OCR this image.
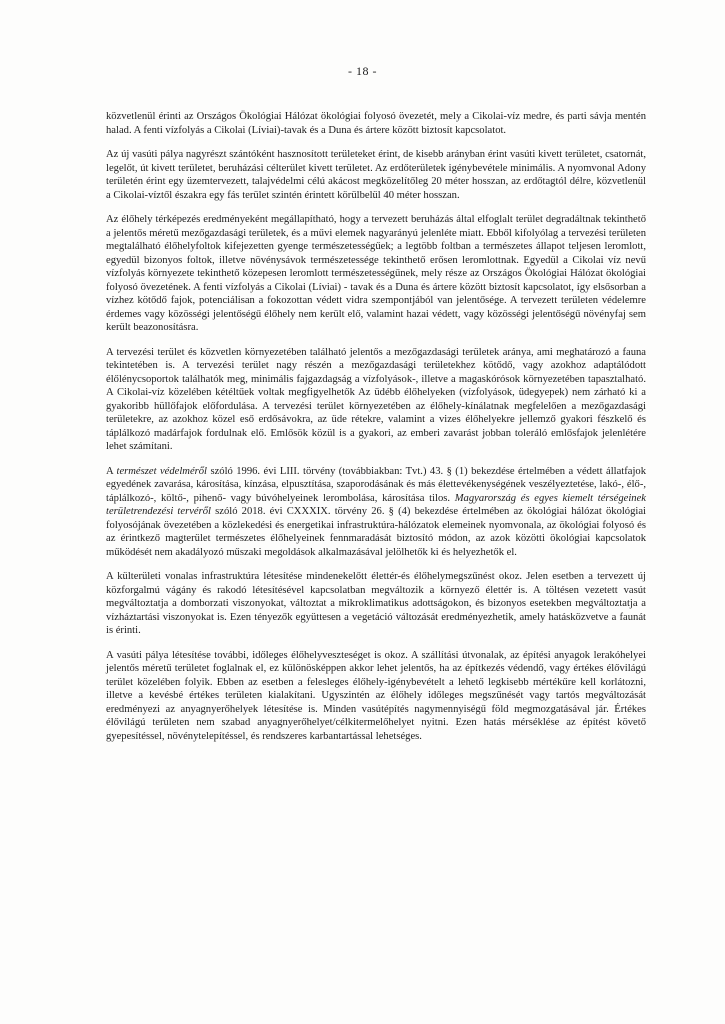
- 18 -

közvetlenül érinti az Országos Ökológiai Hálózat ökológiai folyosó övezetét, mely a Cikolai-víz medre, és parti sávja mentén halad. A fenti vízfolyás a Cikolai (Líviai)-tavak és a Duna és ártere között biztosít kapcsolatot.

Az új vasúti pálya nagyrészt szántóként hasznosított területeket érint, de kisebb arányban érint vasúti kivett területet, csatornát, legelőt, út kivett területet, beruházási célterület kivett területet. Az erdőterületek igénybevétele minimális. A nyomvonal Adony területén érint egy üzemtervezett, talajvédelmi célú akácost megközelítőleg 20 méter hosszan, az erdőtagtól délre, közvetlenül a Cikolai-víztől északra egy fás terület szintén érintett körülbelül 40 méter hosszan.

Az élőhely térképezés eredményeként megállapítható, hogy a tervezett beruházás által elfoglalt terület degradáltnak tekinthető a jelentős méretű mezőgazdasági területek, és a művi elemek nagyarányú jelenléte miatt. Ebből kifolyólag a tervezési területen megtalálható élőhelyfoltok kifejezetten gyenge természetességűek; a legtöbb foltban a természetes állapot teljesen leromlott, egyedül bizonyos foltok, illetve növénysávok természetessége tekinthető erősen leromlottnak. Egyedül a Cikolai víz nevű vízfolyás környezete tekinthető közepesen leromlott természetességűnek, mely része az Országos Ökológiai Hálózat ökológiai folyosó övezetének. A fenti vízfolyás a Cikolai (Líviai) - tavak és a Duna és ártere között biztosít kapcsolatot, így elsősorban a vízhez kötődő fajok, potenciálisan a fokozottan védett vidra szempontjából van jelentősége. A tervezett területen védelemre érdemes vagy közösségi jelentőségű élőhely nem került elő, valamint hazai védett, vagy közösségi jelentőségű növényfaj sem került beazonosításra.

A tervezési terület és közvetlen környezetében található jelentős a mezőgazdasági területek aránya, ami meghatározó a fauna tekintetében is. A tervezési terület nagy részén a mezőgazdasági területekhez kötődő, vagy azokhoz adaptálódott élőlénycsoportok találhatók meg, minimális fajgazdagság a vízfolyások-, illetve a magaskórósok környezetében tapasztalható. A Cikolai-víz közelében kétéltűek voltak megfigyelhetők Az üdébb élőhelyeken (vízfolyások, üdegyepek) nem zárható ki a gyakoribb hüllőfajok előfordulása. A tervezési terület környezetében az élőhely-kínálatnak megfelelően a mezőgazdasági területekre, az azokhoz közel eső erdősávokra, az üde rétekre, valamint a vizes élőhelyekre jellemző gyakori fészkelő és táplálkozó madárfajok fordulnak elő. Emlősök közül is a gyakori, az emberi zavarást jobban toleráló emlősfajok jelenlétére lehet számítani.

A természet védelméről szóló 1996. évi LIII. törvény (továbbiakban: Tvt.) 43. § (1) bekezdése értelmében a védett állatfajok egyedének zavarása, károsítása, kínzása, elpusztítása, szaporodásának és más élettevékenységének veszélyeztetése, lakó-, élő-, táplálkozó-, költő-, pihenő- vagy búvóhelyeinek lerombolása, károsítása tilos. Magyarország és egyes kiemelt térségeinek területrendezési tervéről szóló 2018. évi CXXXIX. törvény 26. § (4) bekezdése értelmében az ökológiai hálózat ökológiai folyosójának övezetében a közlekedési és energetikai infrastruktúra-hálózatok elemeinek nyomvonala, az ökológiai folyosó és az érintkező magterület természetes élőhelyeinek fennmaradását biztosító módon, az azok közötti ökológiai kapcsolatok működését nem akadályozó műszaki megoldások alkalmazásával jelölhetők ki és helyezhetők el.

A külterületi vonalas infrastruktúra létesítése mindenekelőtt élettér-és élőhelymegszűnést okoz. Jelen esetben a tervezett új közforgalmú vágány és rakodó létesítésével kapcsolatban megváltozik a környező élettér is. A töltésen vezetett vasút megváltoztatja a domborzati viszonyokat, változtat a mikroklimatikus adottságokon, és bizonyos esetekben megváltoztatja a vízháztartási viszonyokat is. Ezen tényezők együttesen a vegetáció változását eredményezhetik, amely hatásközvetve a faunát is érinti.

A vasúti pálya létesítése további, időleges élőhelyveszteséget is okoz. A szállítási útvonalak, az építési anyagok lerakóhelyei jelentős méretű területet foglalnak el, ez különösképpen akkor lehet jelentős, ha az építkezés védendő, vagy értékes élővilágú terület közelében folyik. Ebben az esetben a felesleges élőhely-igénybevételt a lehető legkisebb mértékűre kell korlátozni, illetve a kevésbé értékes területen kialakítani. Ugyszintén az élőhely időleges megszűnését vagy tartós megváltozását eredményezi az anyagnyerőhelyek létesítése is. Minden vasútépítés nagymennyiségű föld megmozgatásával jár. Értékes élővilágú területen nem szabad anyagnyerőhelyet/célkitermelőhelyet nyitni. Ezen hatás mérséklése az építést követő gyepesítéssel, növénytelepítéssel, és rendszeres karbantartással lehetséges.
